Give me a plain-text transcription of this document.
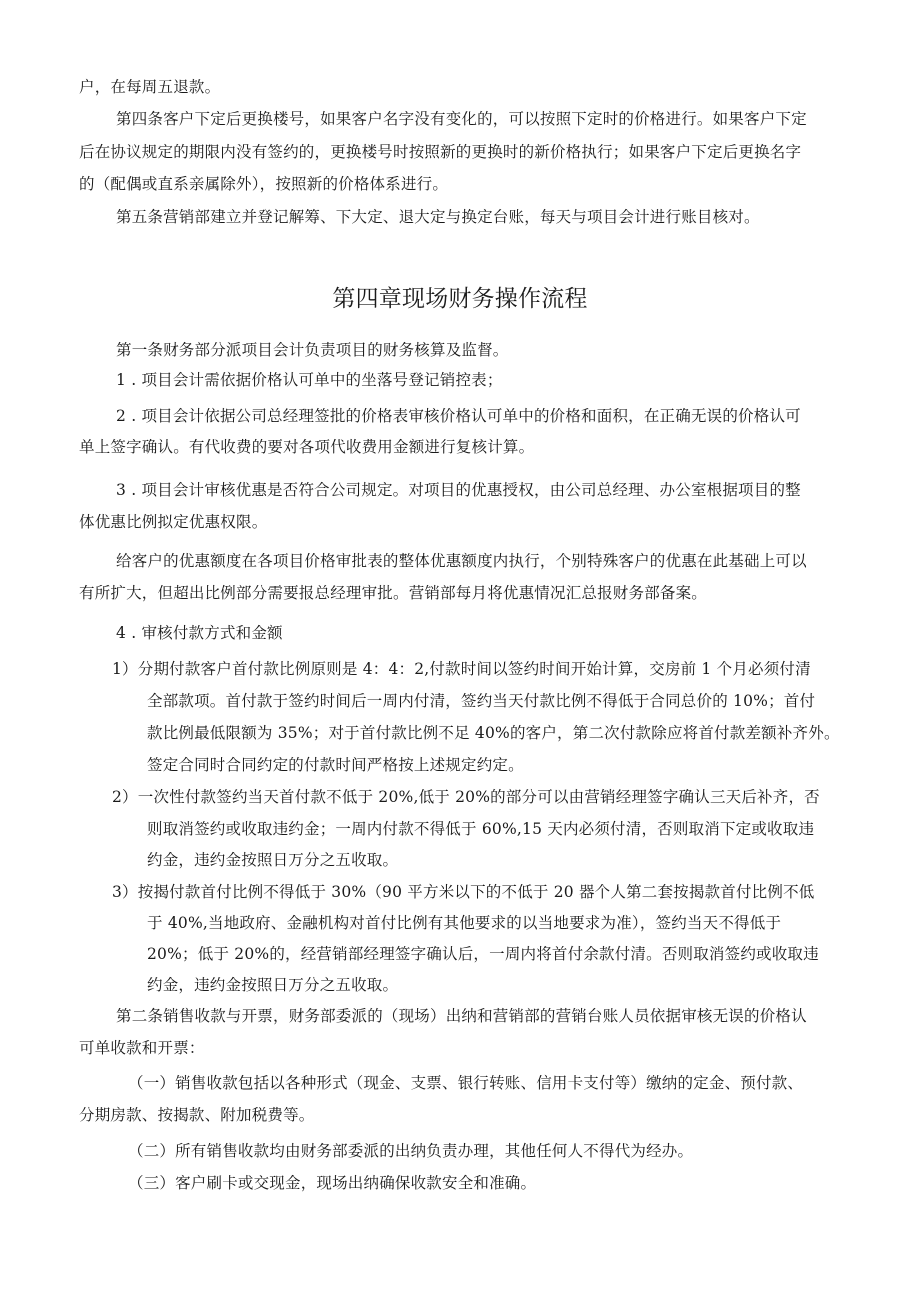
户，在每周五退款。
第四条客户下定后更换楼号，如果客户名字没有变化的，可以按照下定时的价格进行。如果客户下定
后在协议规定的期限内没有签约的，更换楼号时按照新的更换时的新价格执行；如果客户下定后更换名字
的（配偶或直系亲属除外），按照新的价格体系进行。
第五条营销部建立并登记解筹、下大定、退大定与换定台账，每天与项目会计进行账目核对。
第四章现场财务操作流程
第一条财务部分派项目会计负责项目的财务核算及监督。
1 . 项目会计需依据价格认可单中的坐落号登记销控表；
2 . 项目会计依据公司总经理签批的价格表审核价格认可单中的价格和面积，在正确无误的价格认可
单上签字确认。有代收费的要对各项代收费用金额进行复核计算。
3 . 项目会计审核优惠是否符合公司规定。对项目的优惠授权，由公司总经理、办公室根据项目的整
体优惠比例拟定优惠权限。
给客户的优惠额度在各项目价格审批表的整体优惠额度内执行，个别特殊客户的优惠在此基础上可以
有所扩大，但超出比例部分需要报总经理审批。营销部每月将优惠情况汇总报财务部备案。
4 . 审核付款方式和金额
1）分期付款客户首付款比例原则是 4：4：2,付款时间以签约时间开始计算，交房前 1 个月必须付清
全部款项。首付款于签约时间后一周内付清，签约当天付款比例不得低于合同总价的 10%；首付
款比例最低限额为 35%；对于首付款比例不足 40%的客户，第二次付款除应将首付款差额补齐外。
签定合同时合同约定的付款时间严格按上述规定约定。
2）一次性付款签约当天首付款不低于 20%,低于 20%的部分可以由营销经理签字确认三天后补齐，否
则取消签约或收取违约金；一周内付款不得低于 60%,15 天内必须付清，否则取消下定或收取违
约金，违约金按照日万分之五收取。
3）按揭付款首付比例不得低于 30%（90 平方米以下的不低于 20 器个人第二套按揭款首付比例不低
于 40%,当地政府、金融机构对首付比例有其他要求的以当地要求为准），签约当天不得低于
20%；低于 20%的，经营销部经理签字确认后，一周内将首付余款付清。否则取消签约或收取违
约金，违约金按照日万分之五收取。
第二条销售收款与开票，财务部委派的（现场）出纳和营销部的营销台账人员依据审核无误的价格认
可单收款和开票：
（一）销售收款包括以各种形式（现金、支票、银行转账、信用卡支付等）缴纳的定金、预付款、
分期房款、按揭款、附加税费等。
（二）所有销售收款均由财务部委派的出纳负责办理，其他任何人不得代为经办。
（三）客户刷卡或交现金，现场出纳确保收款安全和准确。
